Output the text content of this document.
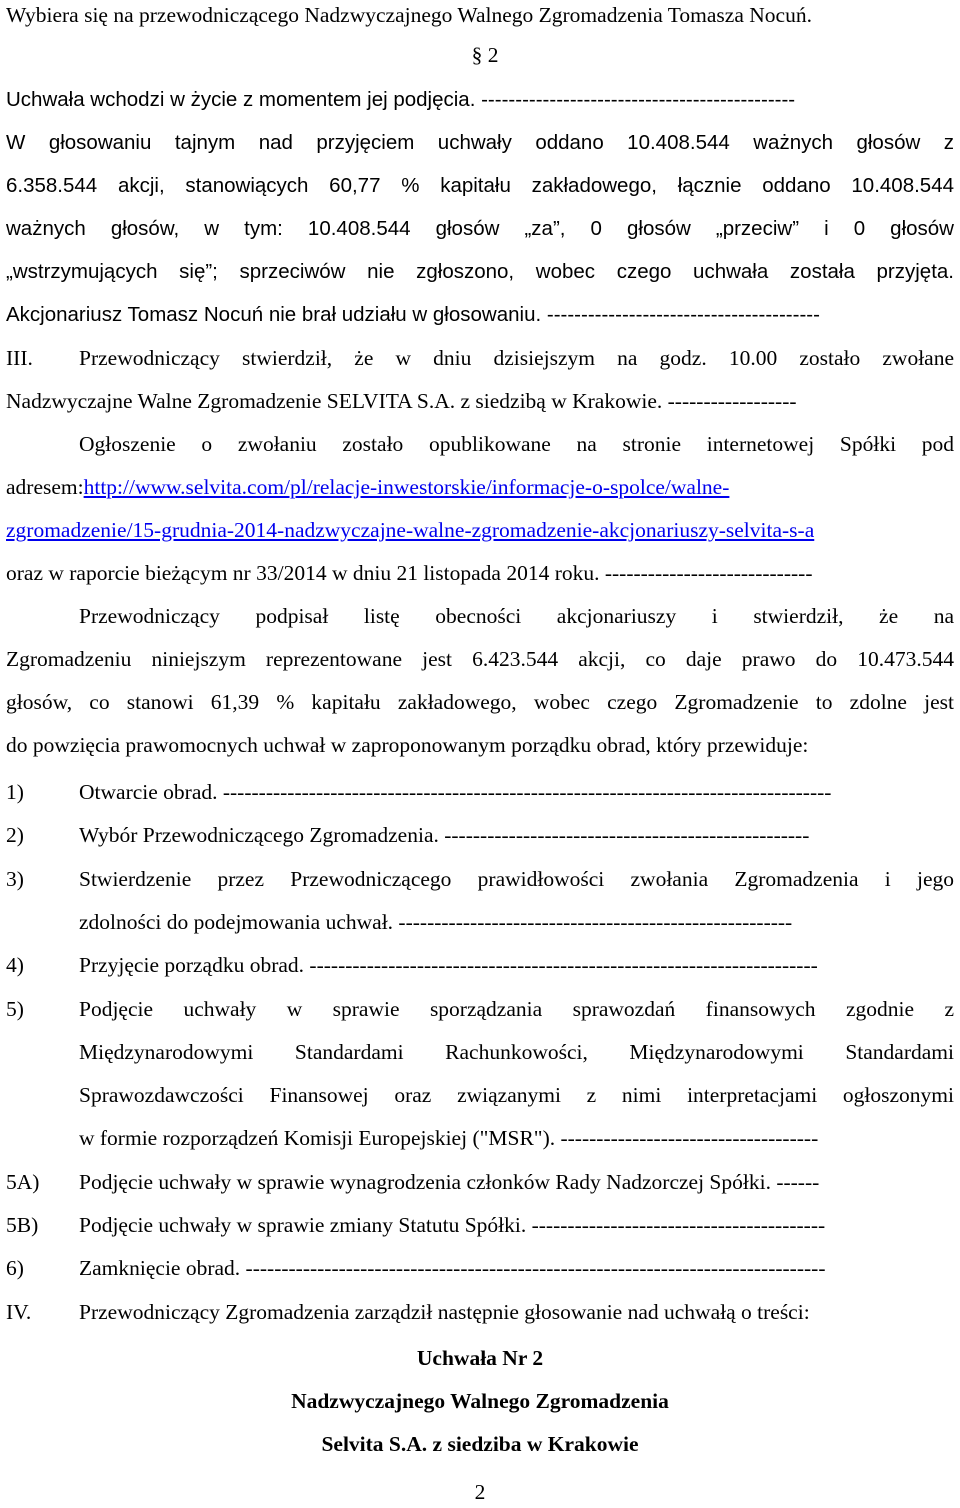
Wybiera się na przewodniczącego Nadzwyczajnego Walnego Zgromadzenia Tomasza Nocuń.
§ 2
Uchwała wchodzi w życie z momentem jej podjęcia. ----------------------------------------------
W głosowaniu tajnym nad przyjęciem uchwały oddano 10.408.544 ważnych głosów z
6.358.544 akcji, stanowiących 60,77 % kapitału zakładowego, łącznie oddano 10.408.544
ważnych głosów, w tym: 10.408.544 głosów „za”, 0 głosów „przeciw” i 0 głosów
„wstrzymujących się”; sprzeciwów nie zgłoszono, wobec czego uchwała została przyjęta.
Akcjonariusz Tomasz Nocuń nie brał udziału w głosowaniu. ----------------------------------------
III. Przewodniczący stwierdził, że w dniu dzisiejszym na godz. 10.00 zostało zwołane
Nadzwyczajne Walne Zgromadzenie SELVITA S.A. z siedzibą w Krakowie. ------------------
Ogłoszenie o zwołaniu zostało opublikowane na stronie internetowej Spółki pod
adresem:http://www.selvita.com/pl/relacje-inwestorskie/informacje-o-spolce/walne-
zgromadzenie/15-grudnia-2014-nadzwyczajne-walne-zgromadzenie-akcjonariuszy-selvita-s-a
oraz w raporcie bieżącym nr 33/2014 w dniu 21 listopada 2014 roku. -----------------------------
Przewodniczący podpisał listę obecności akcjonariuszy i stwierdził, że na
Zgromadzeniu niniejszym reprezentowane jest 6.423.544 akcji, co daje prawo do 10.473.544
głosów, co stanowi 61,39 % kapitału zakładowego, wobec czego Zgromadzenie to zdolne jest
do powzięcia prawomocnych uchwał w zaproponowanym porządku obrad, który przewiduje:
1)	Otwarcie obrad. -------------------------------------------------------------------------------------
2)	Wybór Przewodniczącego Zgromadzenia. ---------------------------------------------------
3)	Stwierdzenie przez Przewodniczącego prawidłowości zwołania Zgromadzenia i jego
zdolności do podejmowania uchwał. -------------------------------------------------------
4)	Przyjęcie porządku obrad. -----------------------------------------------------------------------
5)	Podjęcie uchwały w sprawie sporządzania sprawozdań finansowych zgodnie z
Międzynarodowymi Standardami Rachunkowości, Międzynarodowymi Standardami
Sprawozdawczości Finansowej oraz związanymi z nimi interpretacjami ogłoszonymi
w formie rozporządzeń Komisji Europejskiej ("MSR"). ------------------------------------
5A) Podjęcie uchwały w sprawie wynagrodzenia członków Rady Nadzorczej Spółki. ------
5B) Podjęcie uchwały w sprawie zmiany Statutu Spółki. -----------------------------------------
6)	Zamknięcie obrad. ---------------------------------------------------------------------------------
IV. Przewodniczący Zgromadzenia zarządził następnie głosowanie nad uchwałą o treści:
Uchwała Nr 2
Nadzwyczajnego Walnego Zgromadzenia
Selvita S.A. z siedziba w Krakowie
2
